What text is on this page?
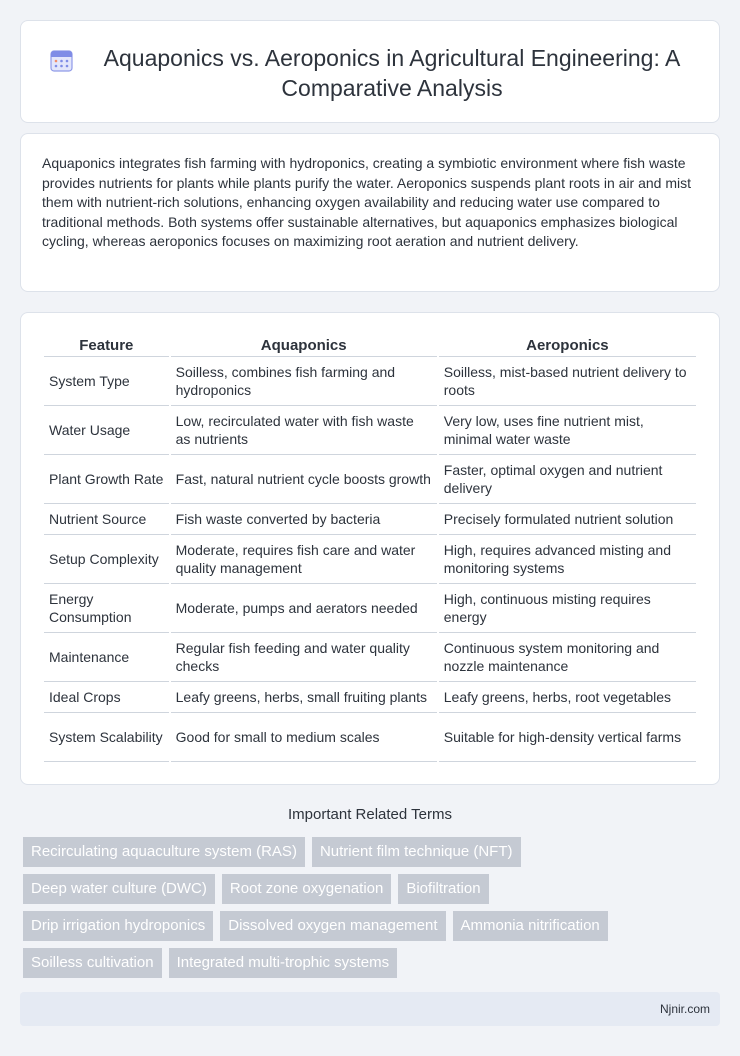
Aquaponics vs. Aeroponics in Agricultural Engineering: A Comparative Analysis

Aquaponics integrates fish farming with hydroponics, creating a symbiotic environment where fish waste provides nutrients for plants while plants purify the water. Aeroponics suspends plant roots in air and mist them with nutrient-rich solutions, enhancing oxygen availability and reducing water use compared to traditional methods. Both systems offer sustainable alternatives, but aquaponics emphasizes biological cycling, whereas aeroponics focuses on maximizing root aeration and nutrient delivery.

Feature	Aquaponics	Aeroponics
System Type	Soilless, combines fish farming and hydroponics	Soilless, mist-based nutrient delivery to roots
Water Usage	Low, recirculated water with fish waste as nutrients	Very low, uses fine nutrient mist, minimal water waste
Plant Growth Rate	Fast, natural nutrient cycle boosts growth	Faster, optimal oxygen and nutrient delivery
Nutrient Source	Fish waste converted by bacteria	Precisely formulated nutrient solution
Setup Complexity	Moderate, requires fish care and water quality management	High, requires advanced misting and monitoring systems
Energy Consumption	Moderate, pumps and aerators needed	High, continuous misting requires energy
Maintenance	Regular fish feeding and water quality checks	Continuous system monitoring and nozzle maintenance
Ideal Crops	Leafy greens, herbs, small fruiting plants	Leafy greens, herbs, root vegetables
System Scalability	Good for small to medium scales	Suitable for high-density vertical farms
Important Related Terms
Recirculating aquaculture system (RAS)	Nutrient film technique (NFT)
Deep water culture (DWC)	Root zone oxygenation	Biofiltration
Drip irrigation hydroponics	Dissolved oxygen management	Ammonia nitrification
Soilless cultivation	Integrated multi-trophic systems
Njnir.com
